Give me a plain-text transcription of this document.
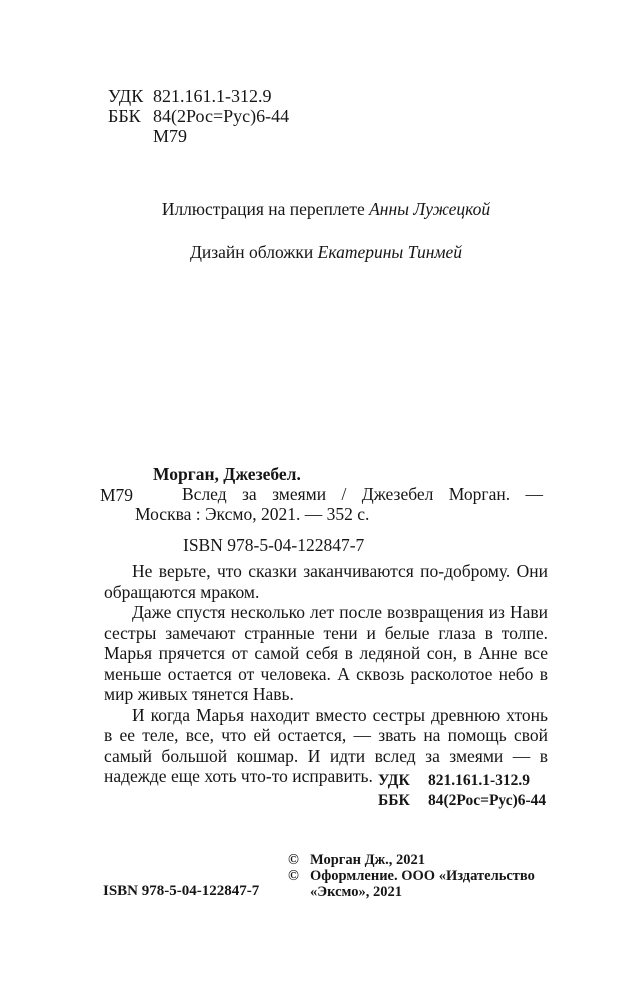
УДК 821.161.1-312.9
ББК 84(2Рос=Рус)6-44
М79
Иллюстрация на переплете Анны Лужецкой
Дизайн обложки Екатерины Тинмей
М79
Морган, Джезебел.

Вслед за змеями / Джезебел Морган. — Москва : Эксмо, 2021. — 352 с.

ISBN 978-5-04-122847-7

Не верьте, что сказки заканчиваются по-доброму. Они обращаются мраком.

Даже спустя несколько лет после возвращения из Нави сестры замечают странные тени и белые глаза в толпе. Марья прячется от самой себя в ледяной сон, в Анне все меньше остается от человека. А сквозь расколотое небо в мир живых тянется Навь.

И когда Марья находит вместо сестры древнюю хтонь в ее теле, все, что ей остается, — звать на помощь свой самый большой кошмар. И идти вслед за змеями — в надежде еще хоть что-то исправить. УДК	821.161.1-312.9
ББК	84(2Рос=Рус)6-44
© Морган Дж., 2021
© Оформление. ООО «Издательство «Эксмо», 2021
ISBN 978-5-04-122847-7
